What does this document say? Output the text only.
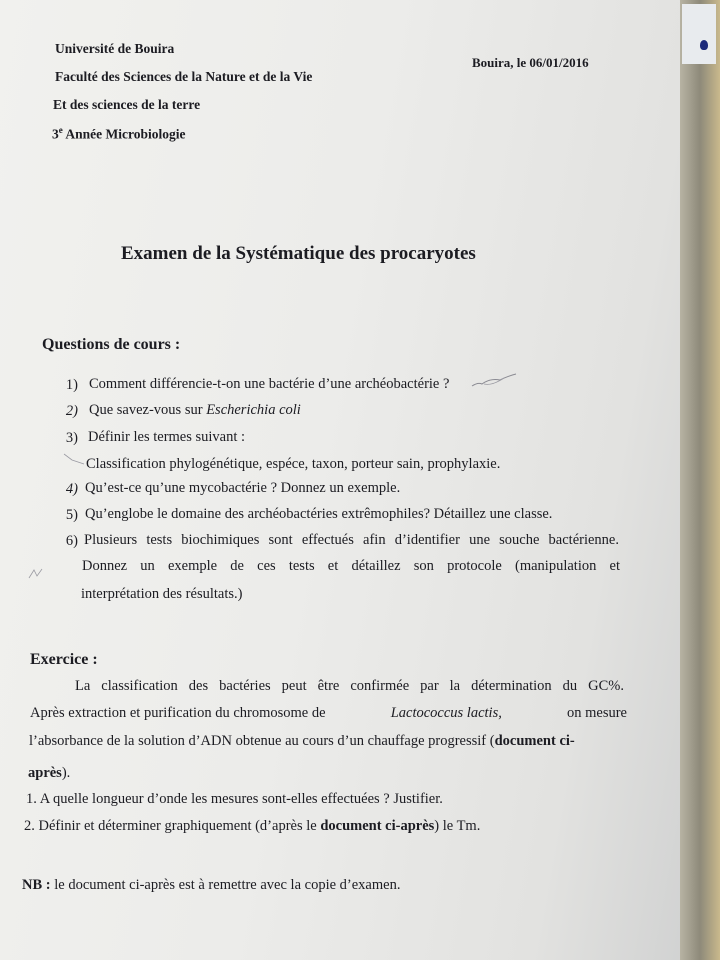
Université de Bouira
Faculté des Sciences de la Nature et de la Vie
Et des sciences de la terre
3e Année Microbiologie
Bouira, le 06/01/2016
Examen de la Systématique des procaryotes
Questions de cours :
1) Comment différencie-t-on une bactérie d’une archéobactérie ?
2) Que savez-vous sur Escherichia coli
3) Définir les termes suivant :
Classification phylogénétique, espéce, taxon, porteur sain, prophylaxie.
4) Qu’est-ce qu’une mycobactérie ? Donnez un exemple.
5) Qu’englobe le domaine des archéobactéries extrêmophiles? Détaillez une classe.
6) Plusieurs tests biochimiques sont effectués afin d’identifier une souche bactérienne.
Donnez un exemple de ces tests et détaillez son protocole (manipulation et
interprétation des résultats.)
Exercice :
La classification des bactéries peut être confirmée par la détermination du GC%.
Après extraction et purification du chromosome de	Lactococcus lactis,	on mesure
l’absorbance de la solution d’ADN obtenue au cours d’un chauffage progressif (document ci-
après).
1. A quelle longueur d’onde les mesures sont-elles effectuées ? Justifier.
2. Définir et déterminer graphiquement (d’après le document ci-après) le Tm.
NB : le document ci-après est à remettre avec la copie d’examen.
